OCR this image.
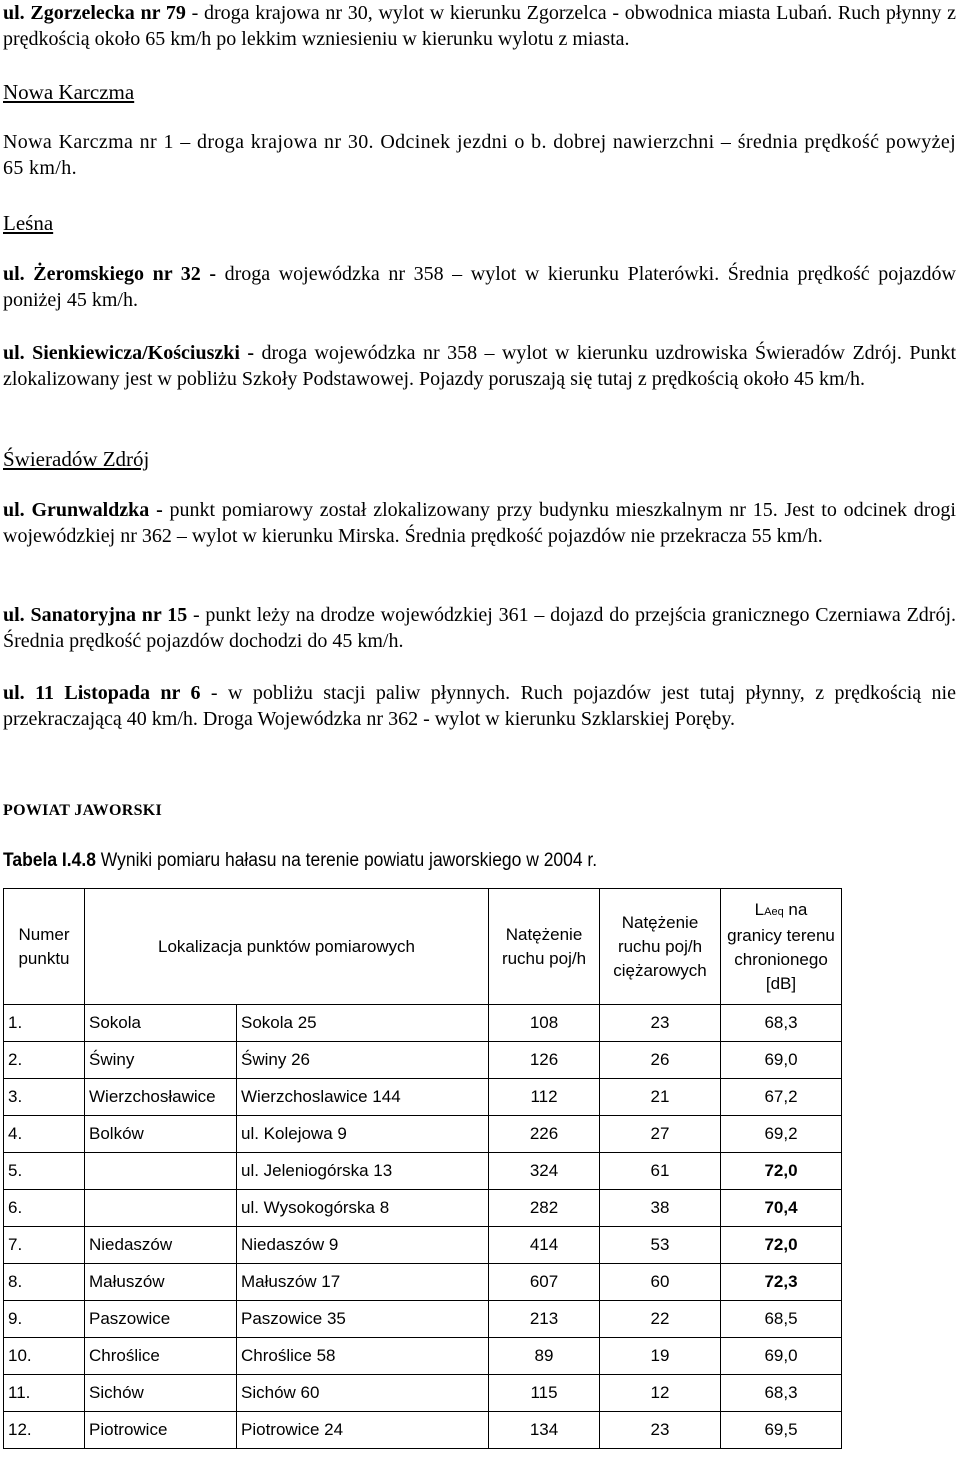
ul. Zgorzelecka nr 79 - droga krajowa nr 30, wylot w kierunku Zgorzelca - obwodnica miasta Lubań. Ruch płynny z prędkością około 65 km/h po lekkim wzniesieniu w kierunku wylotu z miasta.
Nowa Karczma
Nowa Karczma nr 1 – droga krajowa nr 30. Odcinek jezdni o b. dobrej nawierzchni – średnia prędkość powyżej 65 km/h.
Leśna
ul. Żeromskiego nr 32 - droga wojewódzka nr 358 – wylot w kierunku Platerówki. Średnia prędkość pojazdów poniżej 45 km/h.
ul. Sienkiewicza/Kościuszki - droga wojewódzka nr 358 – wylot w kierunku uzdrowiska Świeradów Zdrój. Punkt zlokalizowany jest w pobliżu Szkoły Podstawowej. Pojazdy poruszają się tutaj z prędkością około 45 km/h.
Świeradów Zdrój
ul. Grunwaldzka - punkt pomiarowy został zlokalizowany przy budynku mieszkalnym nr 15. Jest to odcinek drogi wojewódzkiej nr 362 – wylot w kierunku Mirska. Średnia prędkość pojazdów nie przekracza 55 km/h.
ul. Sanatoryjna nr 15 - punkt leży na drodze wojewódzkiej 361 – dojazd do przejścia granicznego Czerniawa Zdrój. Średnia prędkość pojazdów dochodzi do 45 km/h.
ul. 11 Listopada nr 6 - w pobliżu stacji paliw płynnych. Ruch pojazdów jest tutaj płynny, z prędkością nie przekraczającą 40 km/h. Droga Wojewódzka nr 362 - wylot w kierunku Szklarskiej Poręby.
POWIAT JAWORSKI
Tabela I.4.8 Wyniki pomiaru hałasu na terenie powiatu jaworskiego w 2004 r.
Numer punktu	Lokalizacja punktów pomiarowych		Natężenie ruchu poj/h	Natężenie ruchu poj/h ciężarowych	LAeq na granicy terenu chronionego [dB]
1.	Sokola	Sokola 25	108	23	68,3
2.	Świny	Świny 26	126	26	69,0
3.	Wierzchosławice	Wierzchoslawice 144	112	21	67,2
4.	Bolków	ul. Kolejowa 9	226	27	69,2
5.		ul. Jeleniogórska 13	324	61	72,0
6.		ul. Wysokogórska 8	282	38	70,4
7.	Niedaszów	Niedaszów 9	414	53	72,0
8.	Małuszów	Małuszów 17	607	60	72,3
9.	Paszowice	Paszowice 35	213	22	68,5
10.	Chroślice	Chroślice 58	89	19	69,0
11.	Sichów	Sichów 60	115	12	68,3
12.	Piotrowice	Piotrowice 24	134	23	69,5
